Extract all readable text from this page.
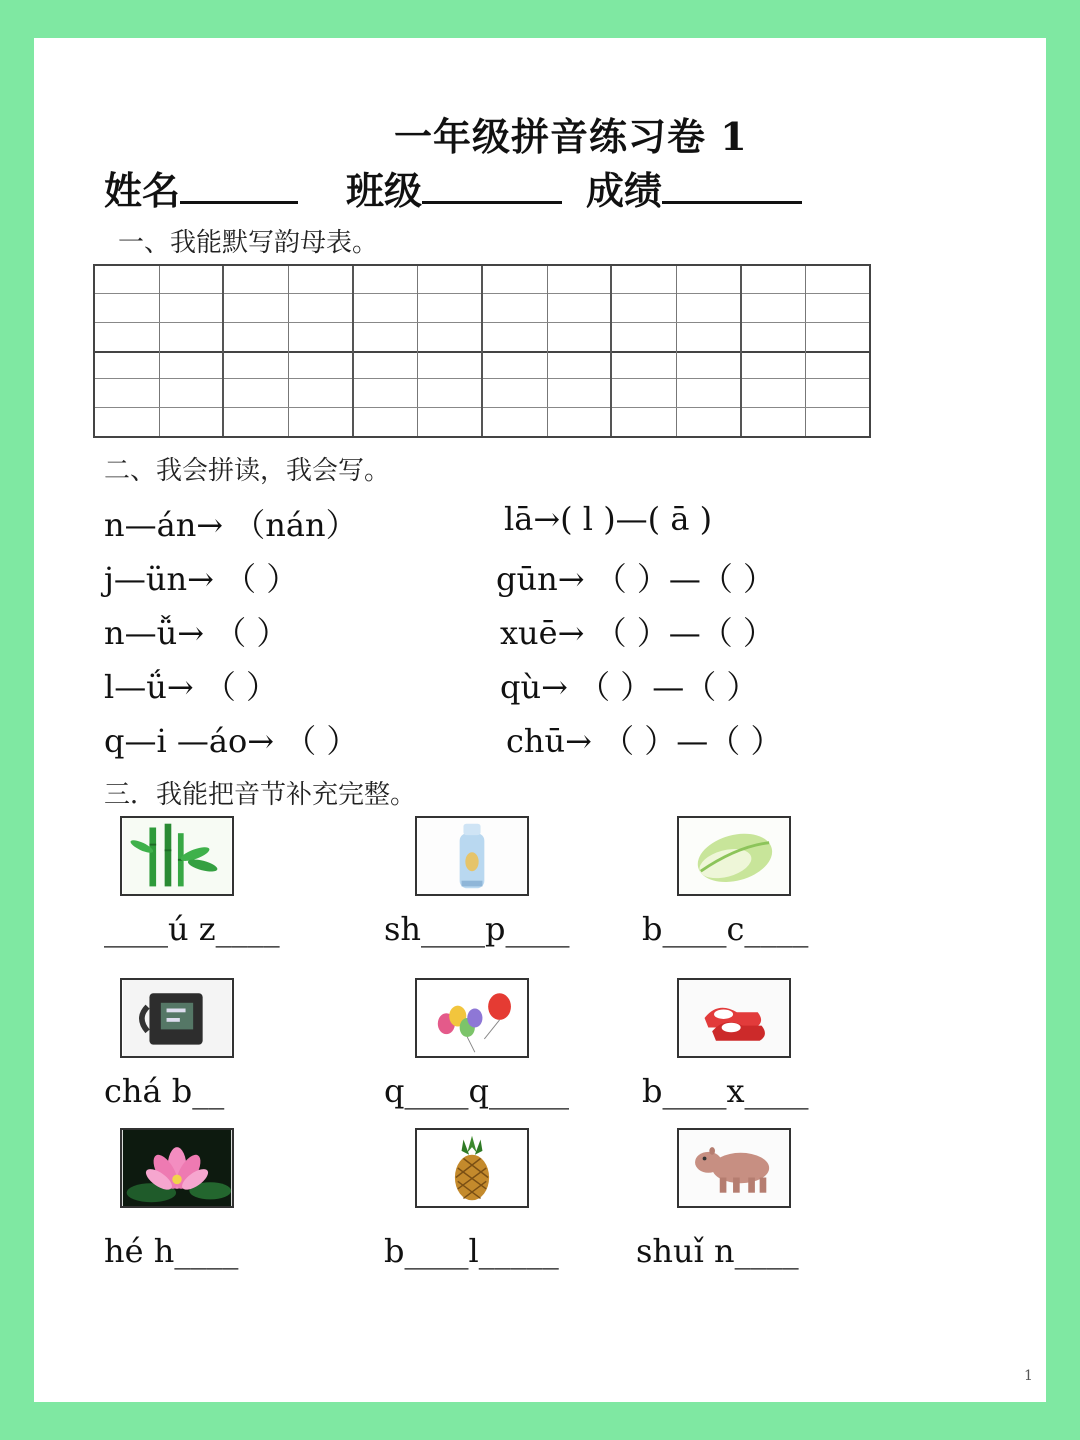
一年级拼音练习卷 1
姓名	班级	成绩
一、我能默写韵母表。
二、我会拼读，我会写。
n—án→ （nán）
j—ün→ （ ）
n—ǚ→ （ ）
l—ǘ→ （ ）
q—i —áo→ （ ）
lā→( l )—( ā )
gūn→ （ ）—（ ）
xuē→ （ ）—（ ）
qù→ （ ）—（ ）
chū→ （ ）—（ ）
三．我能把音节补充完整。
____ú z____	sh____p____ b____c____
chá b__	q____q_____ b____x____
hé h____	b____l_____ shuǐ n____
1
